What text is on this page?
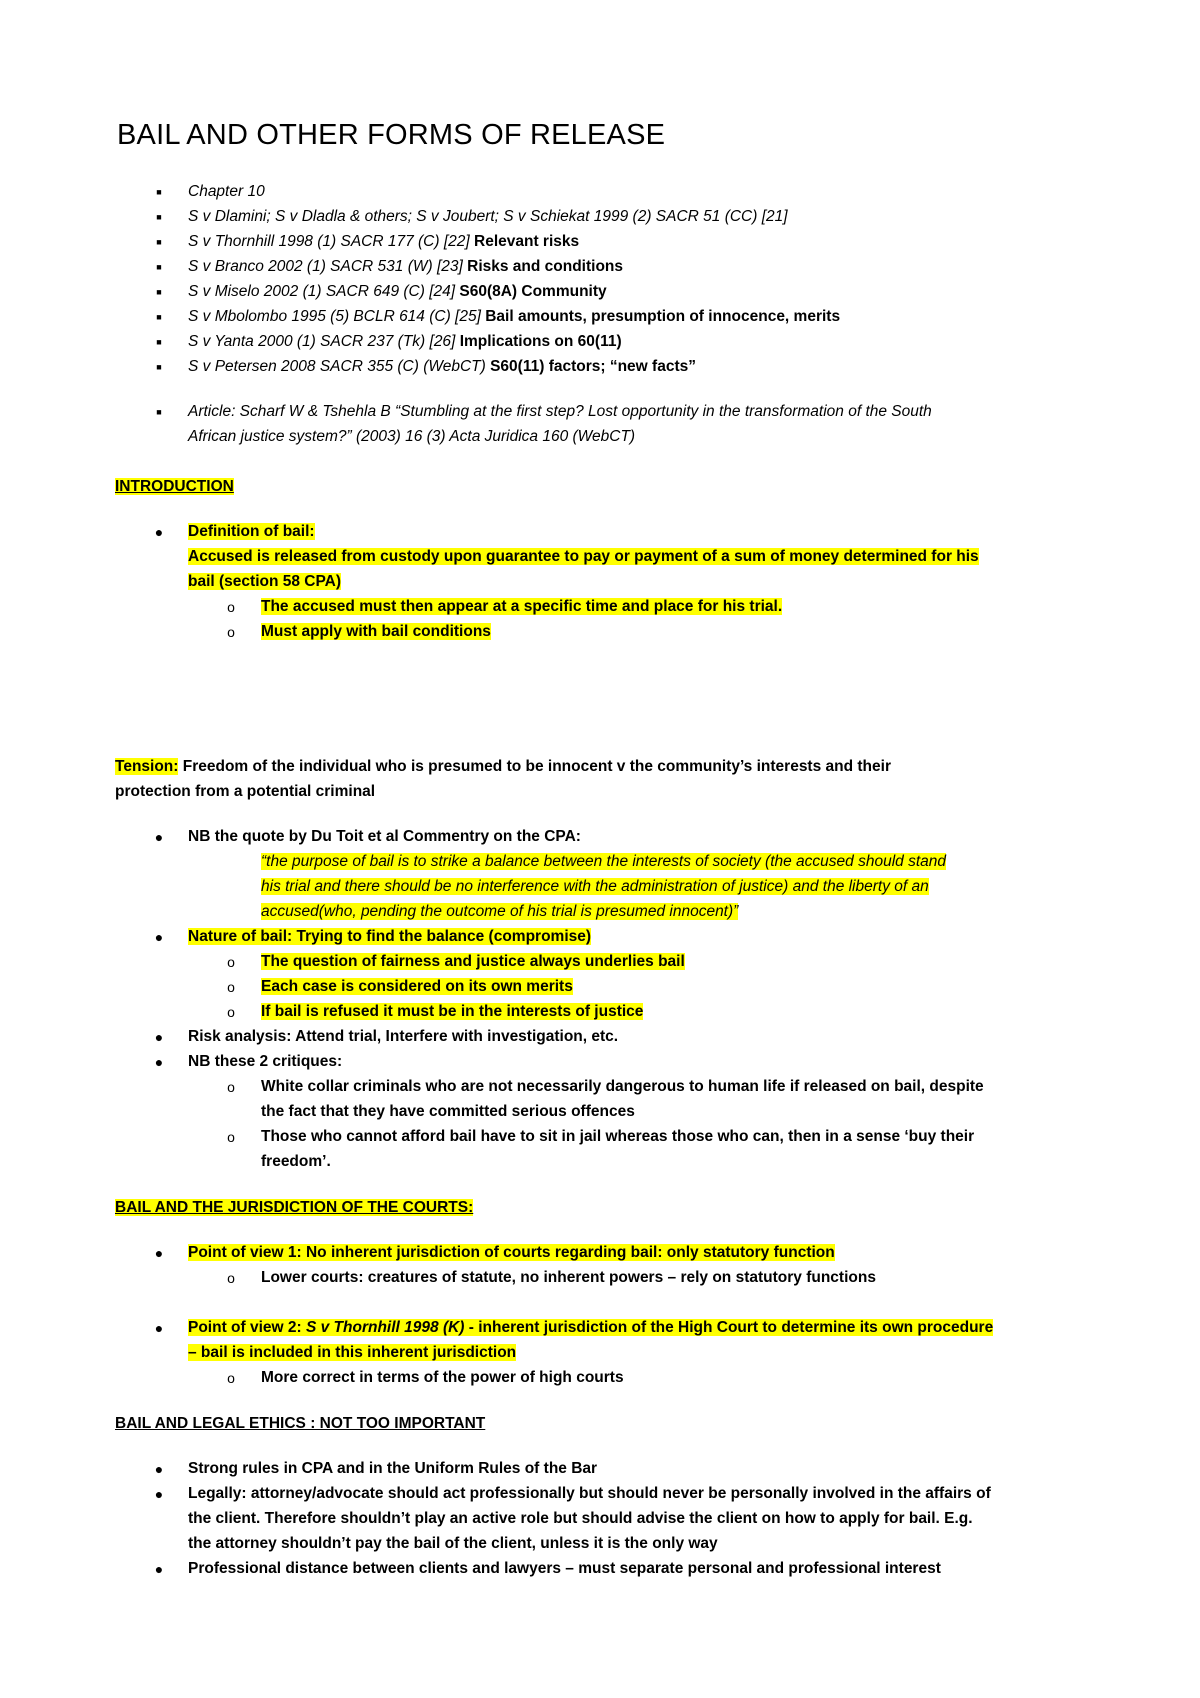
BAIL AND OTHER FORMS OF RELEASE
■ Chapter 10
■ S v Dlamini; S v Dladla & others; S v Joubert; S v Schiekat 1999 (2) SACR 51 (CC) [21]
■ S v Thornhill 1998 (1) SACR 177 (C) [22] Relevant risks
■ S v Branco 2002 (1) SACR 531 (W) [23] Risks and conditions
■ S v Miselo 2002 (1) SACR 649 (C) [24] S60(8A) Community
■ S v Mbolombo 1995 (5) BCLR 614 (C) [25] Bail amounts, presumption of innocence, merits
■ S v Yanta 2000 (1) SACR 237 (Tk) [26] Implications on 60(11)
■ S v Petersen 2008 SACR 355 (C) (WebCT) S60(11) factors; “new facts”
■ Article: Scharf W & Tshehla B “Stumbling at the first step? Lost opportunity in the transformation of the South
African justice system?” (2003) 16 (3) Acta Juridica 160 (WebCT)
INTRODUCTION
● Definition of bail:
Accused is released from custody upon guarantee to pay or payment of a sum of money determined for his
bail (section 58 CPA)
o The accused must then appear at a specific time and place for his trial.
o Must apply with bail conditions
Tension: Freedom of the individual who is presumed to be innocent v the community’s interests and their
protection from a potential criminal
● NB the quote by Du Toit et al Commentry on the CPA:
“the purpose of bail is to strike a balance between the interests of society (the accused should stand
his trial and there should be no interference with the administration of justice) and the liberty of an
accused(who, pending the outcome of his trial is presumed innocent)”
● Nature of bail: Trying to find the balance (compromise)
o The question of fairness and justice always underlies bail
o Each case is considered on its own merits
o If bail is refused it must be in the interests of justice
● Risk analysis: Attend trial, Interfere with investigation, etc.
● NB these 2 critiques:
o White collar criminals who are not necessarily dangerous to human life if released on bail, despite
the fact that they have committed serious offences
o Those who cannot afford bail have to sit in jail whereas those who can, then in a sense ‘buy their
freedom’.
BAIL AND THE JURISDICTION OF THE COURTS:
● Point of view 1: No inherent jurisdiction of courts regarding bail: only statutory function
o Lower courts: creatures of statute, no inherent powers – rely on statutory functions
● Point of view 2: S v Thornhill 1998 (K) - inherent jurisdiction of the High Court to determine its own procedure
– bail is included in this inherent jurisdiction
o More correct in terms of the power of high courts
BAIL AND LEGAL ETHICS : NOT TOO IMPORTANT
● Strong rules in CPA and in the Uniform Rules of the Bar
● Legally: attorney/advocate should act professionally but should never be personally involved in the affairs of
the client. Therefore shouldn’t play an active role but should advise the client on how to apply for bail. E.g.
the attorney shouldn’t pay the bail of the client, unless it is the only way
● Professional distance between clients and lawyers – must separate personal and professional interest
